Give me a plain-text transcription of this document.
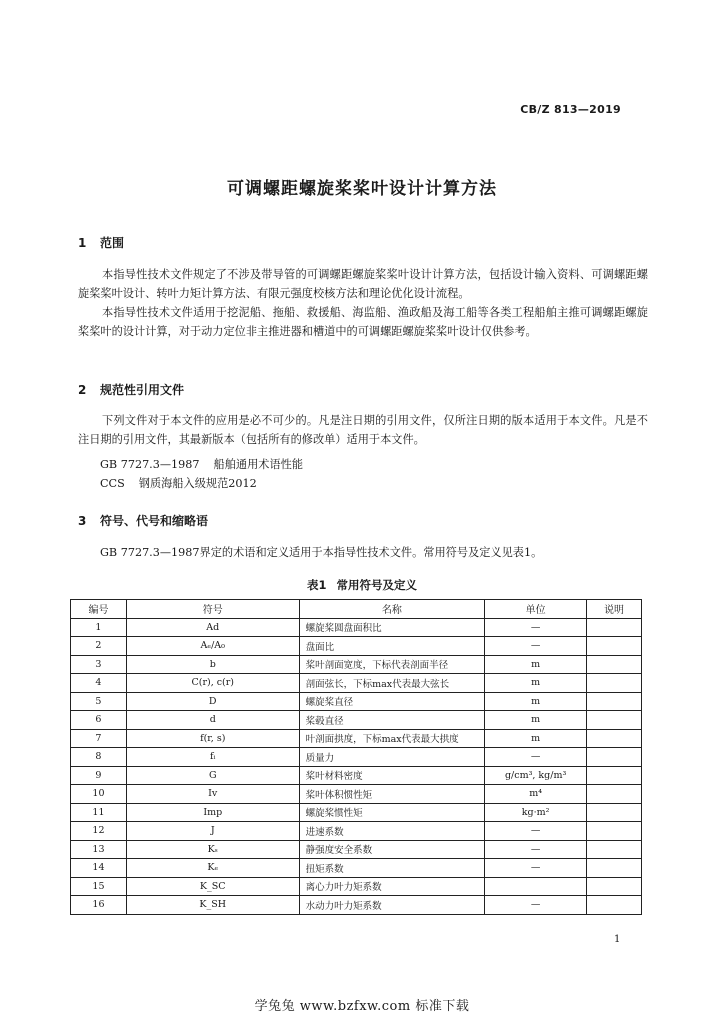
CB/Z 813—2019
可调螺距螺旋桨桨叶设计计算方法
1 范围
本指导性技术文件规定了不涉及带导管的可调螺距螺旋桨桨叶设计计算方法，包括设计输入资料、可调螺距螺旋桨桨叶设计、转叶力矩计算方法、有限元强度校核方法和理论优化设计流程。
本指导性技术文件适用于挖泥船、拖船、救援船、海监船、渔政船及海工船等各类工程船舶主推可调螺距螺旋桨桨叶的设计计算，对于动力定位非主推进器和槽道中的可调螺距螺旋桨桨叶设计仅供参考。
2 规范性引用文件
下列文件对于本文件的应用是必不可少的。凡是注日期的引用文件，仅所注日期的版本适用于本文件。凡是不注日期的引用文件，其最新版本（包括所有的修改单）适用于本文件。
GB 7727.3—1987 船舶通用术语性能
CCS 钢质海船入级规范2012
3 符号、代号和缩略语
GB 7727.3—1987界定的术语和定义适用于本指导性技术文件。常用符号及定义见表1。
表1 常用符号及定义
编号	符号	名称	单位	说明
1	Ad	螺旋桨圆盘面积比	—	
2	Aₑ/A₀	盘面比	—	
3	b	桨叶剖面宽度，下标代表剖面半径	m	
4	C(r), c(r)	剖面弦长，下标max代表最大弦长	m	
5	D	螺旋桨直径	m	
6	d	桨毂直径	m	
7	f(r, s)	叶剖面拱度，下标max代表最大拱度	m	
8	fᵢ	质量力	—	
9	G	桨叶材料密度	g/cm³, kg/m³	
10	Iv	桨叶体积惯性矩	m⁴	
11	Imp	螺旋桨惯性矩	kg·m²	
12	J	进速系数	—	
13	Kₛ	静强度安全系数	—	
14	Kₑ	扭矩系数	—	
15	K_SC	离心力叶力矩系数		
16	K_SH	水动力叶力矩系数	—	
1
学兔兔 www.bzfxw.com 标准下载
